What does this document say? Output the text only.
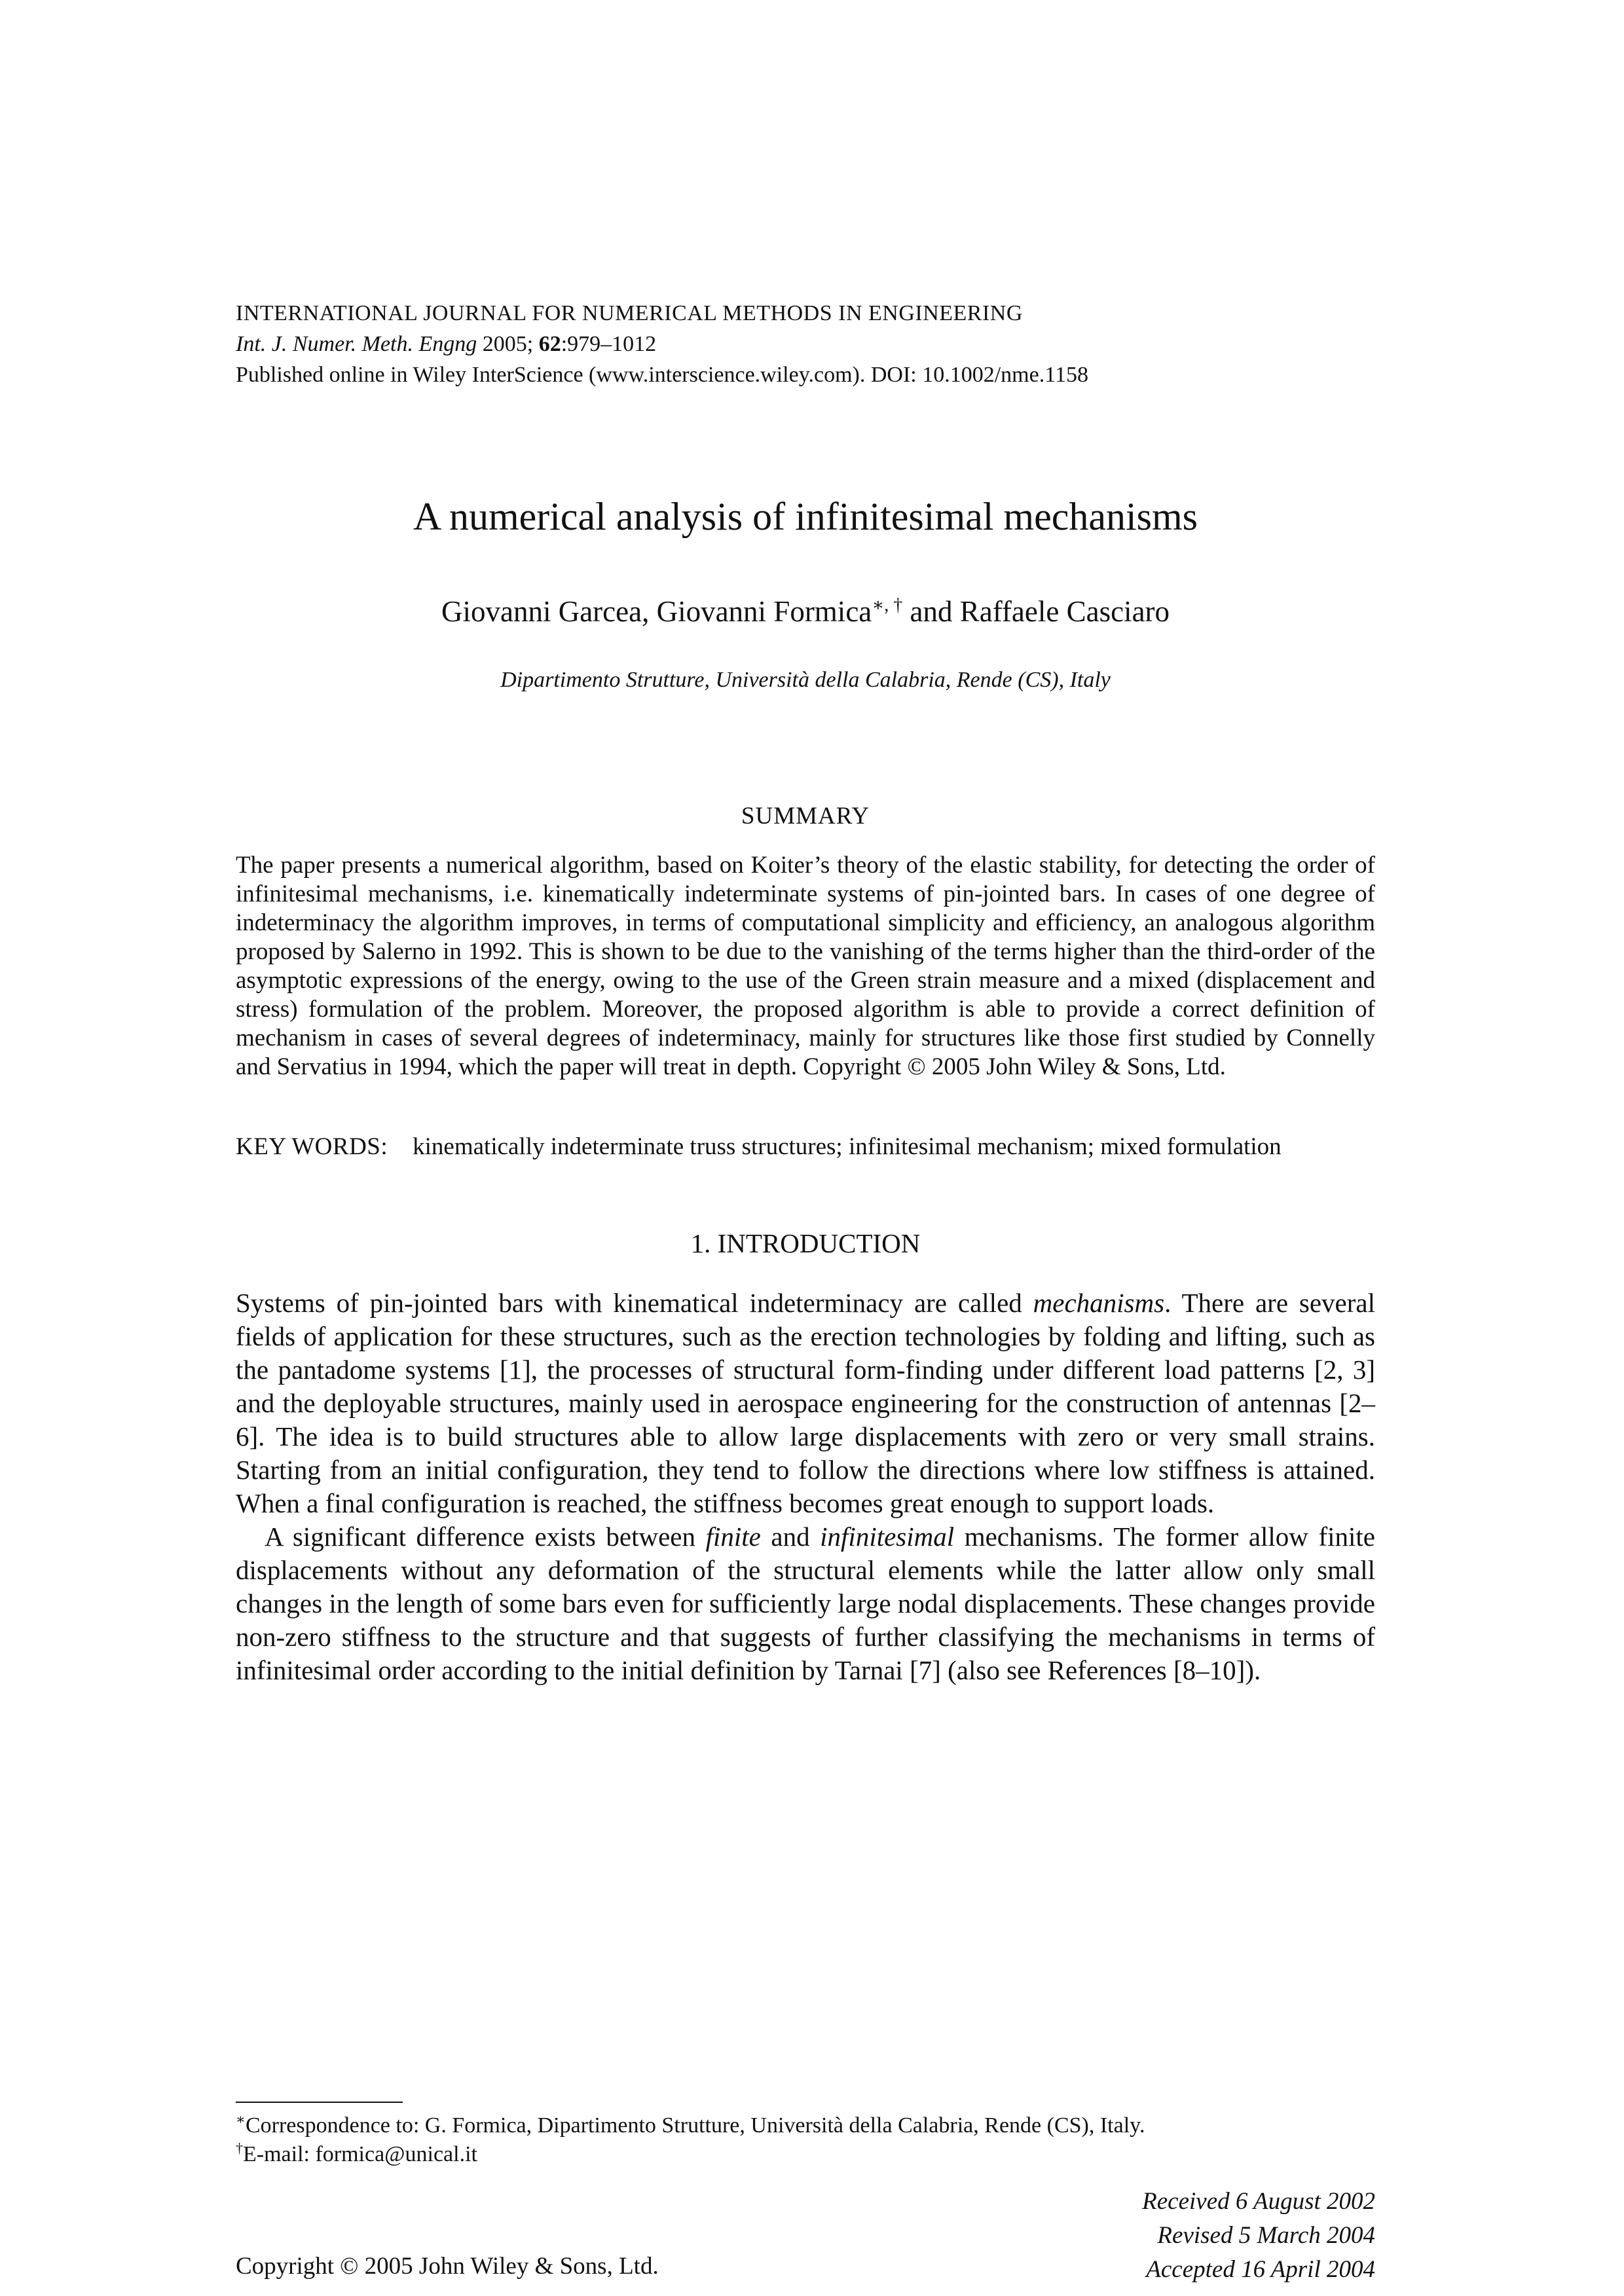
INTERNATIONAL JOURNAL FOR NUMERICAL METHODS IN ENGINEERING
Int. J. Numer. Meth. Engng 2005; 62:979–1012
Published online in Wiley InterScience (www.interscience.wiley.com). DOI: 10.1002/nme.1158
A numerical analysis of infinitesimal mechanisms
Giovanni Garcea, Giovanni Formica∗, † and Raffaele Casciaro
Dipartimento Strutture, Università della Calabria, Rende (CS), Italy
SUMMARY
The paper presents a numerical algorithm, based on Koiter’s theory of the elastic stability, for detecting the order of infinitesimal mechanisms, i.e. kinematically indeterminate systems of pin-jointed bars. In cases of one degree of indeterminacy the algorithm improves, in terms of computational simplicity and efficiency, an analogous algorithm proposed by Salerno in 1992. This is shown to be due to the vanishing of the terms higher than the third-order of the asymptotic expressions of the energy, owing to the use of the Green strain measure and a mixed (displacement and stress) formulation of the problem. Moreover, the proposed algorithm is able to provide a correct definition of mechanism in cases of several degrees of indeterminacy, mainly for structures like those first studied by Connelly and Servatius in 1994, which the paper will treat in depth. Copyright © 2005 John Wiley & Sons, Ltd.
KEY WORDS: kinematically indeterminate truss structures; infinitesimal mechanism; mixed formulation
1. INTRODUCTION

Systems of pin-jointed bars with kinematical indeterminacy are called mechanisms. There are several fields of application for these structures, such as the erection technologies by folding and lifting, such as the pantadome systems [1], the processes of structural form-finding under different load patterns [2, 3] and the deployable structures, mainly used in aerospace engineering for the construction of antennas [2–6]. The idea is to build structures able to allow large displacements with zero or very small strains. Starting from an initial configuration, they tend to follow the directions where low stiffness is attained. When a final configuration is reached, the stiffness becomes great enough to support loads.

A significant difference exists between finite and infinitesimal mechanisms. The former allow finite displacements without any deformation of the structural elements while the latter allow only small changes in the length of some bars even for sufficiently large nodal displacements. These changes provide non-zero stiffness to the structure and that suggests of further classifying the mechanisms in terms of infinitesimal order according to the initial definition by Tarnai [7] (also see References [8–10]).

∗Correspondence to: G. Formica, Dipartimento Strutture, Università della Calabria, Rende (CS), Italy.
†E-mail: formica@unical.it
Received 6 August 2002
Revised 5 March 2004
Accepted 16 April 2004
Copyright © 2005 John Wiley & Sons, Ltd.
